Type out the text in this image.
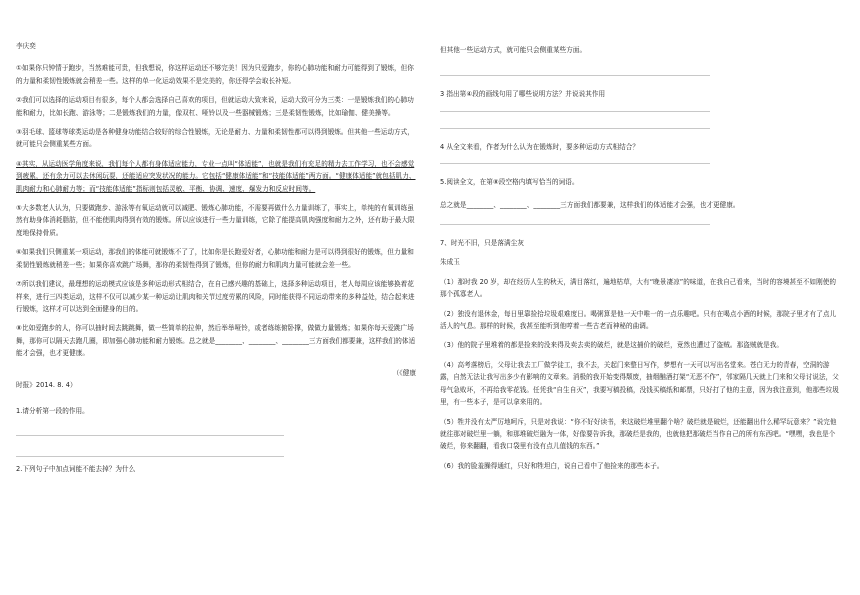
李庆奕

①如果你只钟情于跑步，当然难能可贵，但我想说，你这样运动还不够完美！因为只爱跑步，你的心肺功能和耐力可能得到了锻炼，但你的力量和柔韧性锻炼就会稍差一些。这样的单一化运动效果不是完美的，你还得学会取长补短。

②我们可以选择的运动项目有很多，每个人都会选择自己喜欢的项目，但就运动大致来说，运动大致可分为三类：一是锻炼我们的心肺功能和耐力，比如长跑、游泳等；二是锻炼我们的力量，像双杠、哑铃以及一些器械锻炼；三是柔韧性锻炼，比如瑜伽、健美操等。

③羽毛球、篮球等球类运动是各种健身功能结合较好的综合性锻炼，无论是耐力、力量和柔韧性都可以得到锻炼。但其他一些运动方式，就可能只会侧重某些方面。

④其实，从运动医学角度来说，我们每个人都有身体适应能力，专业一点叫“体适能”，也就是我们有充足的精力去工作学习，也不会感觉到疲累，还有余力可以去休闲玩耍，还能适应突发状况的能力。它包括“健康体适能”和“技能体适能”两方面。“健康体适能”就包括肌力、肌肉耐力和心肺耐力等；而“技能体适能”指标则包括灵敏、平衡、协调、速度、爆发力和反应时间等。

⑤大多数老人认为，只要做跑步、游泳等有氧运动就可以减肥、锻炼心肺功能，不需要再做什么力量训练了，事实上，单纯的有氧训练虽然有助身体消耗脂肪，但不能使肌肉得到有效的锻炼。所以应该进行一些力量训练，它除了能提高肌肉强度和耐力之外，还有助于最大限度地保持骨质。

⑥如果我们只侧重某一项运动，那我们的体能可就锻炼不了了，比如你是长跑爱好者，心肺功能和耐力是可以得到很好的锻炼，但力量和柔韧性锻炼就稍差一些；如果你喜欢跳广场舞，那你的柔韧性得到了锻炼，但你的耐力和肌肉力量可能就会差一些。

⑦所以我们建议，最理想的运动模式应该是多种运动形式相结合，在自己感兴趣的基础上，选择多种运动项目，老人每周应该能够换着花样来，进行三四类运动，这样不仅可以减少某一种运动让肌肉和关节过度劳累的风险，同时能获得不同运动带来的多种益处，结合起来进行锻炼，这样才可以达到全面健身的目的。

⑧比如爱跑步的人，你可以抽时间去跳跳舞，做一些简单的拉伸，然后举举哑铃，或者练练俯卧撑，做做力量锻炼；如果你每天爱跳广场舞，那你可以隔天去跑几圈，即加强心肺功能和耐力锻炼。总之就是________、________、________三方面我们都要兼，这样我们的体适能才会强，也才更健康。

（《健康

时报》2014. 8. 4）

1.请分析第一段的作用。

2.下列句子中加点词能不能去掉？为什么

但其他一些运动方式，就可能只会侧重某些方面。

3 指出第④段的画线句用了哪些说明方法？并说说其作用

4 从全文来看，作者为什么认为在锻炼时，要多种运动方式相结合？

5.阅读全文，在第⑧段空格内填写恰当的词语。

总之就是________、________、________三方面我们都要兼，这样我们的体适能才会强，也才更健康。

7、时光不旧，只是落满尘灰

朱成玉

（1）那时我 20 岁，却在经历人生的秋天，满目落红，遍地枯草，大有“晚景凄凉”的味道，在我自己看来，当时的容境甚至不如刚使的那个孤寡老人。

（2）独没有退休金，每日里靠捡拾垃圾艰难度日。喝粥算是他一天中唯一的一点乐趣吧。只有在喝点小酒的时候，那院子里才有了点儿活人的气息。那样的时候，我甚至能听到他哼着一些古老而神秘的曲调。

（3）他的院子里堆着的都是捡来的没来得及卖去卖的破烂，就是这捕价的破烂，竟然也遭过了盗贼。那盗贼就是我。

（4）高考落榜后，父母让我去工厂做学徒工，我不去，关起门来整日写作，梦想有一天可以写出名堂来。苍白无力的青春，空洞的游露，自然无法让我写出多少有影响的文章来。消极的我开始变得颓废，抽烟酗酒打架“无恶不作”，邻家隔几天就上门来和父母讨说法，父母气急败坏，不再给我零花钱。任凭我“自生自灭”，我要写稿投稿，没钱买稿纸和邮票，只好打了他的主意，因为我注意到，他那些垃圾里，有一些本子，是可以拿来用的。

（5）牲并没有太严厉地呵斥，只是对我说：“你不好好读书，来这破烂堆里翻个啥？破烂就是破烂，还能翻出什么稀罕玩意来？”说完他就往那对破烂里一躺，和那堆破烂融为一体，好像要告诉我，那破烂是我的，也就他把那破烂当作自己的所有东西吧。“嘿嘿，我也是个破烂，你来翻翻，看我口袋里有没有点儿值钱的东西。”

（6）我的脸羞臊得通红，只好和牲坦白，说自己看中了他捡来的那些本子。
